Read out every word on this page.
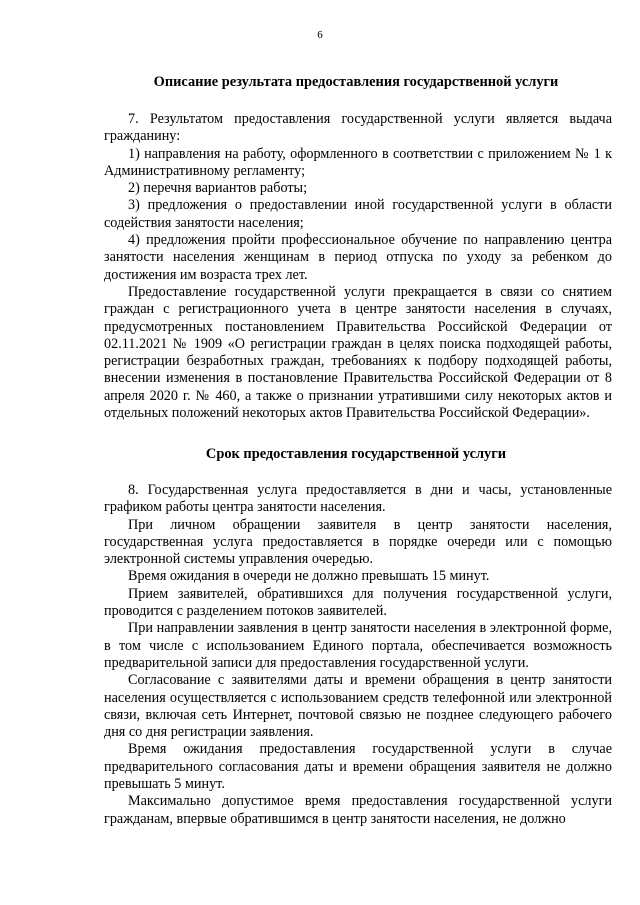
6
Описание результата предоставления государственной услуги

7. Результатом предоставления государственной услуги является выдача гражданину:

1) направления на работу, оформленного в соответствии с приложением № 1 к Административному регламенту;

2) перечня вариантов работы;

3) предложения о предоставлении иной государственной услуги в области содействия занятости населения;

4) предложения пройти профессиональное обучение по направлению центра занятости населения женщинам в период отпуска по уходу за ребенком до достижения им возраста трех лет.

Предоставление государственной услуги прекращается в связи со снятием граждан с регистрационного учета в центре занятости населения в случаях, предусмотренных постановлением Правительства Российской Федерации от 02.11.2021 № 1909 «О регистрации граждан в целях поиска подходящей работы, регистрации безработных граждан, требованиях к подбору подходящей работы, внесении изменения в постановление Правительства Российской Федерации от 8 апреля 2020 г. № 460, а также о признании утратившими силу некоторых актов и отдельных положений некоторых актов Правительства Российской Федерации».

Срок предоставления государственной услуги

8. Государственная услуга предоставляется в дни и часы, установленные графиком работы центра занятости населения.

При личном обращении заявителя в центр занятости населения, государственная услуга предоставляется в порядке очереди или с помощью электронной системы управления очередью.

Время ожидания в очереди не должно превышать 15 минут.

Прием заявителей, обратившихся для получения государственной услуги, проводится с разделением потоков заявителей.

При направлении заявления в центр занятости населения в электронной форме, в том числе с использованием Единого портала, обеспечивается возможность предварительной записи для предоставления государственной услуги.

Согласование с заявителями даты и времени обращения в центр занятости населения осуществляется с использованием средств телефонной или электронной связи, включая сеть Интернет, почтовой связью не позднее следующего рабочего дня со дня регистрации заявления.

Время ожидания предоставления государственной услуги в случае предварительного согласования даты и времени обращения заявителя не должно превышать 5 минут.

Максимально допустимое время предоставления государственной услуги гражданам, впервые обратившимся в центр занятости населения, не должно
